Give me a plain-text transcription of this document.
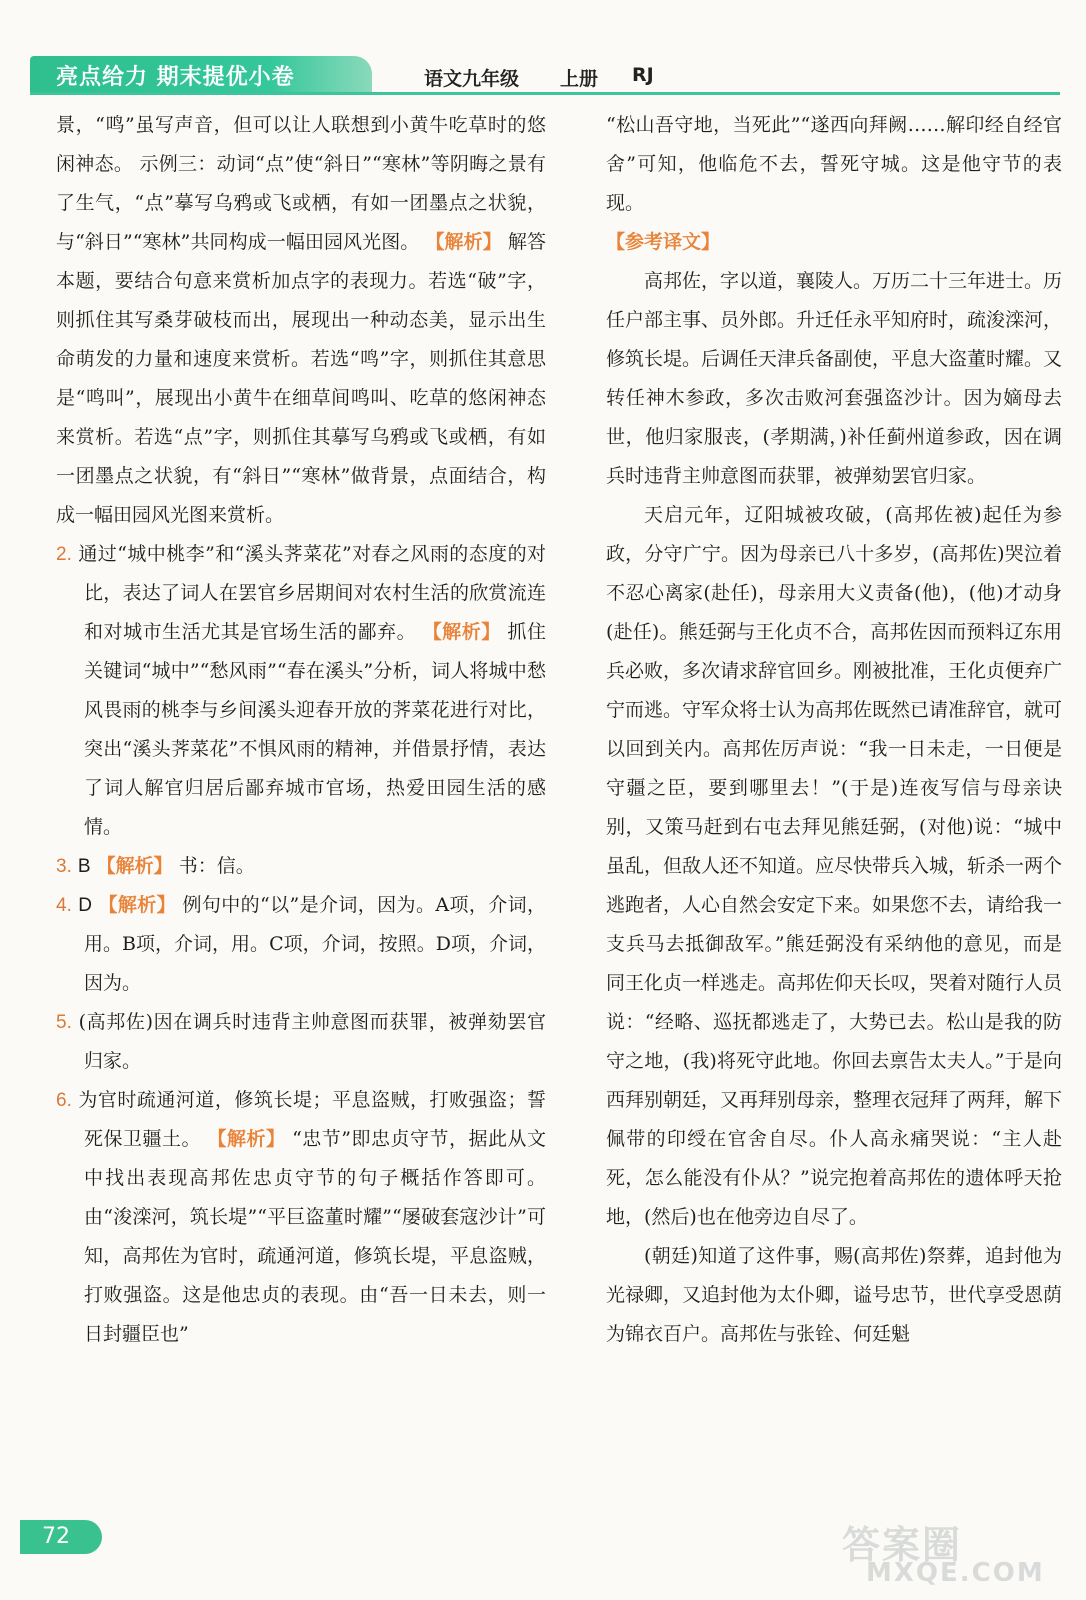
亮点给力 期末提优小卷	语文九年级 上册 RJ

景，“鸣”虽写声音，但可以让人联想到小黄牛吃草时的悠闲神态。 示例三：动词“点”使“斜日”“寒林”等阴晦之景有了生气，“点”摹写乌鸦或飞或栖，有如一团墨点之状貌，与“斜日”“寒林”共同构成一幅田园风光图。 【解析】 解答本题，要结合句意来赏析加点字的表现力。若选“破”字，则抓住其写桑芽破枝而出，展现出一种动态美，显示出生命萌发的力量和速度来赏析。若选“鸣”字，则抓住其意思是“鸣叫”，展现出小黄牛在细草间鸣叫、吃草的悠闲神态来赏析。若选“点”字，则抓住其摹写乌鸦或飞或栖，有如一团墨点之状貌，有“斜日”“寒林”做背景，点面结合，构成一幅田园风光图来赏析。

2. 通过“城中桃李”和“溪头荠菜花”对春之风雨的态度的对比，表达了词人在罢官乡居期间对农村生活的欣赏流连和对城市生活尤其是官场生活的鄙弃。 【解析】 抓住关键词“城中”“愁风雨”“春在溪头”分析，词人将城中愁风畏雨的桃李与乡间溪头迎春开放的荠菜花进行对比，突出“溪头荠菜花”不惧风雨的精神，并借景抒情，表达了词人解官归居后鄙弃城市官场，热爱田园生活的感情。

3. B 【解析】 书：信。

4. D 【解析】 例句中的“以”是介词，因为。A项，介词，用。B项，介词，用。C项，介词，按照。D项，介词，因为。

5. (高邦佐)因在调兵时违背主帅意图而获罪，被弹劾罢官归家。

6. 为官时疏通河道，修筑长堤；平息盗贼，打败强盗；誓死保卫疆土。 【解析】 “忠节”即忠贞守节，据此从文中找出表现高邦佐忠贞守节的句子概括作答即可。由“浚滦河，筑长堤”“平巨盗董时耀”“屡破套寇沙计”可知，高邦佐为官时，疏通河道，修筑长堤，平息盗贼，打败强盗。这是他忠贞的表现。由“吾一日未去，则一日封疆臣也”

“松山吾守地，当死此”“遂西向拜阙……解印经自经官舍”可知，他临危不去，誓死守城。这是他守节的表现。

【参考译文】

高邦佐，字以道，襄陵人。万历二十三年进士。历任户部主事、员外郎。升迁任永平知府时，疏浚滦河，修筑长堤。后调任天津兵备副使，平息大盗董时耀。又转任神木参政，多次击败河套强盗沙计。因为嫡母去世，他归家服丧，(孝期满，)补任蓟州道参政，因在调兵时违背主帅意图而获罪，被弹劾罢官归家。

天启元年，辽阳城被攻破，(高邦佐被)起任为参政，分守广宁。因为母亲已八十多岁，(高邦佐)哭泣着不忍心离家(赴任)，母亲用大义责备(他)，(他)才动身(赴任)。熊廷弼与王化贞不合，高邦佐因而预料辽东用兵必败，多次请求辞官回乡。刚被批准，王化贞便弃广宁而逃。守军众将士认为高邦佐既然已请准辞官，就可以回到关内。高邦佐厉声说：“我一日未走，一日便是守疆之臣，要到哪里去！”(于是)连夜写信与母亲诀别，又策马赶到右屯去拜见熊廷弼，(对他)说：“城中虽乱，但敌人还不知道。应尽快带兵入城，斩杀一两个逃跑者，人心自然会安定下来。如果您不去，请给我一支兵马去抵御敌军。”熊廷弼没有采纳他的意见，而是同王化贞一样逃走。高邦佐仰天长叹，哭着对随行人员说：“经略、巡抚都逃走了，大势已去。松山是我的防守之地，(我)将死守此地。你回去禀告太夫人。”于是向西拜别朝廷，又再拜别母亲，整理衣冠拜了两拜，解下佩带的印绶在官舍自尽。仆人高永痛哭说：“主人赴死，怎么能没有仆从？”说完抱着高邦佐的遗体呼天抢地，(然后)也在他旁边自尽了。

(朝廷)知道了这件事，赐(高邦佐)祭葬，追封他为光禄卿，又追封他为太仆卿，谥号忠节，世代享受恩荫为锦衣百户。高邦佐与张铨、何廷魁

72	答案圈
MXQE.COM
